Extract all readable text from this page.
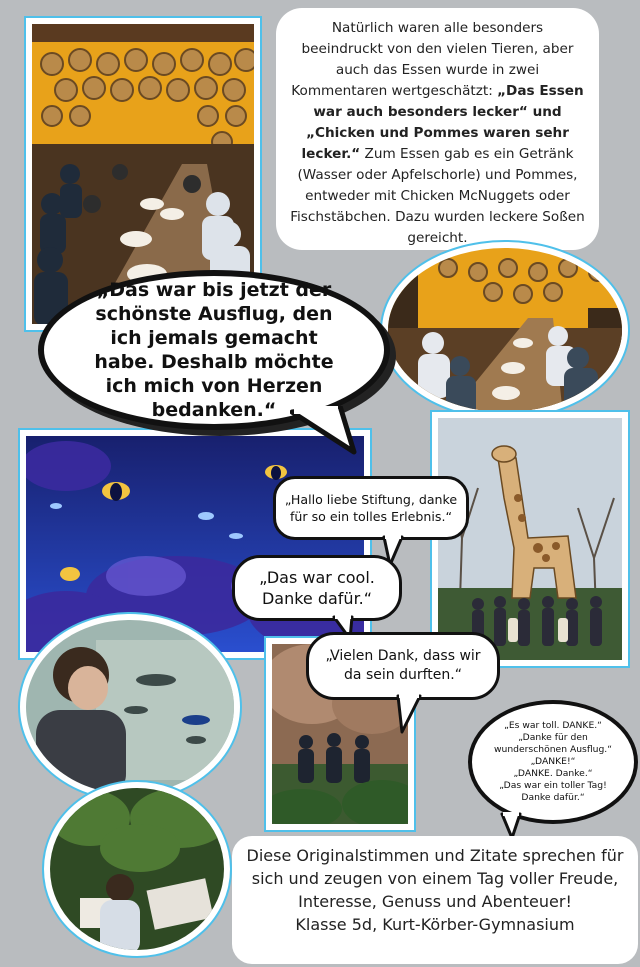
Natürlich waren alle besonders beeindruckt von den vielen Tieren, aber auch das Essen wurde in zwei Kommentaren wertgeschätzt: „Das Essen war auch besonders lecker“ und „Chicken und Pommes waren sehr lecker.“ Zum Essen gab es ein Getränk (Wasser oder Apfelschorle) und Pommes, entweder mit Chicken McNuggets oder Fischstäbchen. Dazu wurden leckere Soßen gereicht.
„Das war bis jetzt der schönste Ausflug, den ich jemals gemacht habe. Deshalb möchte ich mich von Herzen bedanken.“
„Hallo liebe Stiftung, danke für so ein tolles Erlebnis.“
„Das war cool. Danke dafür.“
„Vielen Dank, dass wir da sein durften.“
„Es war toll. DANKE.“
„Danke für den wunderschönen Ausflug.“
„DANKE!“
„DANKE. Danke.“
„Das war ein toller Tag! Danke dafür.“
Diese Originalstimmen und Zitate sprechen für sich und zeugen von einem Tag voller Freude, Interesse, Genuss und Abenteuer!
Klasse 5d, Kurt-Körber-Gymnasium
